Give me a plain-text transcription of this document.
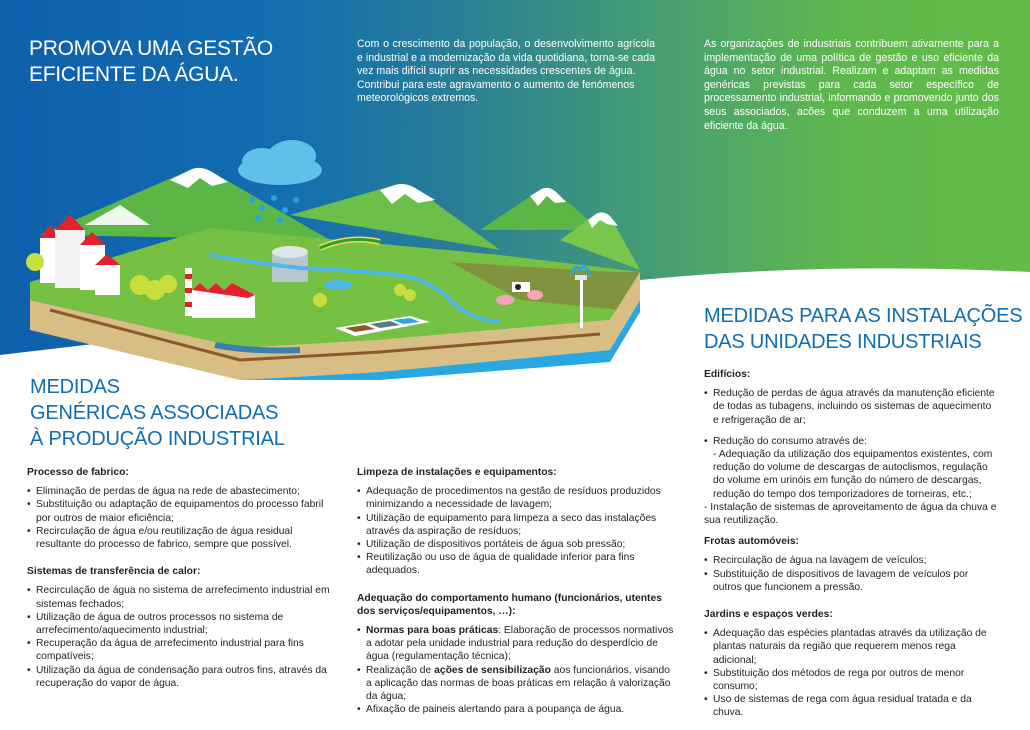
PROMOVA UMA GESTÃO
EFICIENTE DA ÁGUA.

Com o crescimento da população, o desenvolvimento agrícola e industrial e a modernização da vida quotidiana, torna-se cada vez mais difícil suprir as necessidades crescentes de água.

Contribui para este agravamento o aumento de fenómenos meteorológicos extremos.

As organizações de industriais contribuem ativamente para a implementação de uma política de gestão e uso eficiente da água no setor industrial. Realizam e adaptam as medidas genéricas previstas para cada setor específico de processamento industrial, informando e promovendo junto dos seus associados, acões que conduzem a uma utilização eficiente da água.

MEDIDAS
GENÉRICAS ASSOCIADAS
À PRODUÇÃO INDUSTRIAL
MEDIDAS PARA AS INSTALAÇÕES
DAS UNIDADES INDUSTRIAIS
Processo de fabrico:
• Eliminação de perdas de água na rede de abastecimento;
• Substituição ou adaptação de equipamentos do processo fabril por outros de maior eficiência;
• Recirculação de água e/ou reutilização de água residual resultante do processo de fabrico, sempre que possível.
Sistemas de transferência de calor:
• Recirculação de água no sistema de arrefecimento industrial em sistemas fechados;
• Utilização de água de outros processos no sistema de arrefecimento/aquecimento industrial;
• Recuperação da água de arrefecimento industrial para fins compatíveis;
• Utilização da água de condensação para outros fins, através da recuperação do vapor de água.
Limpeza de instalações e equipamentos:
• Adequação de procedimentos na gestão de resíduos produzidos minimizando a necessidade de lavagem;
• Utilização de equipamento para limpeza a seco das instalações através da aspiração de resíduos;
• Utilização de dispositivos portáteis de água sob pressão;
• Reutilização ou uso de água de qualidade inferior para fins adequados.
Adequação do comportamento humano (funcionários, utentes dos serviços/equipamentos, …):
• Normas para boas práticas: Elaboração de processos normativos a adotar pela unidade industrial para redução do desperdício de água (regulamentação técnica);
• Realização de ações de sensibilização aos funcionários, visando a aplicação das normas de boas práticas em relação à valorização da água;
• Afixação de paineis alertando para a poupança de água.
Edifícios:
• Redução de perdas de água através da manutenção eficiente de todas as tubagens, incluindo os sistemas de aquecimento e refrigeração de ar;
• Redução do consumo através de:
- Adequação da utilização dos equipamentos existentes, com redução do volume de descargas de autoclismos, regulação do volume em urinóis em função do número de descargas, redução do tempo dos temporizadores de torneiras, etc.;
- Instalação de sistemas de aproveitamento de água da chuva e sua reutilização.
Frotas automóveis:
• Recirculação de água na lavagem de veículos;
• Substituição de dispositivos de lavagem de veículos por outros que funcionem a pressão.
Jardins e espaços verdes:
• Adequação das espécies plantadas através da utilização de plantas naturais da região que requerem menos rega adicional;
• Substituição dos métodos de rega por outros de menor consumo;
• Uso de sistemas de rega com água residual tratada e da chuva.
